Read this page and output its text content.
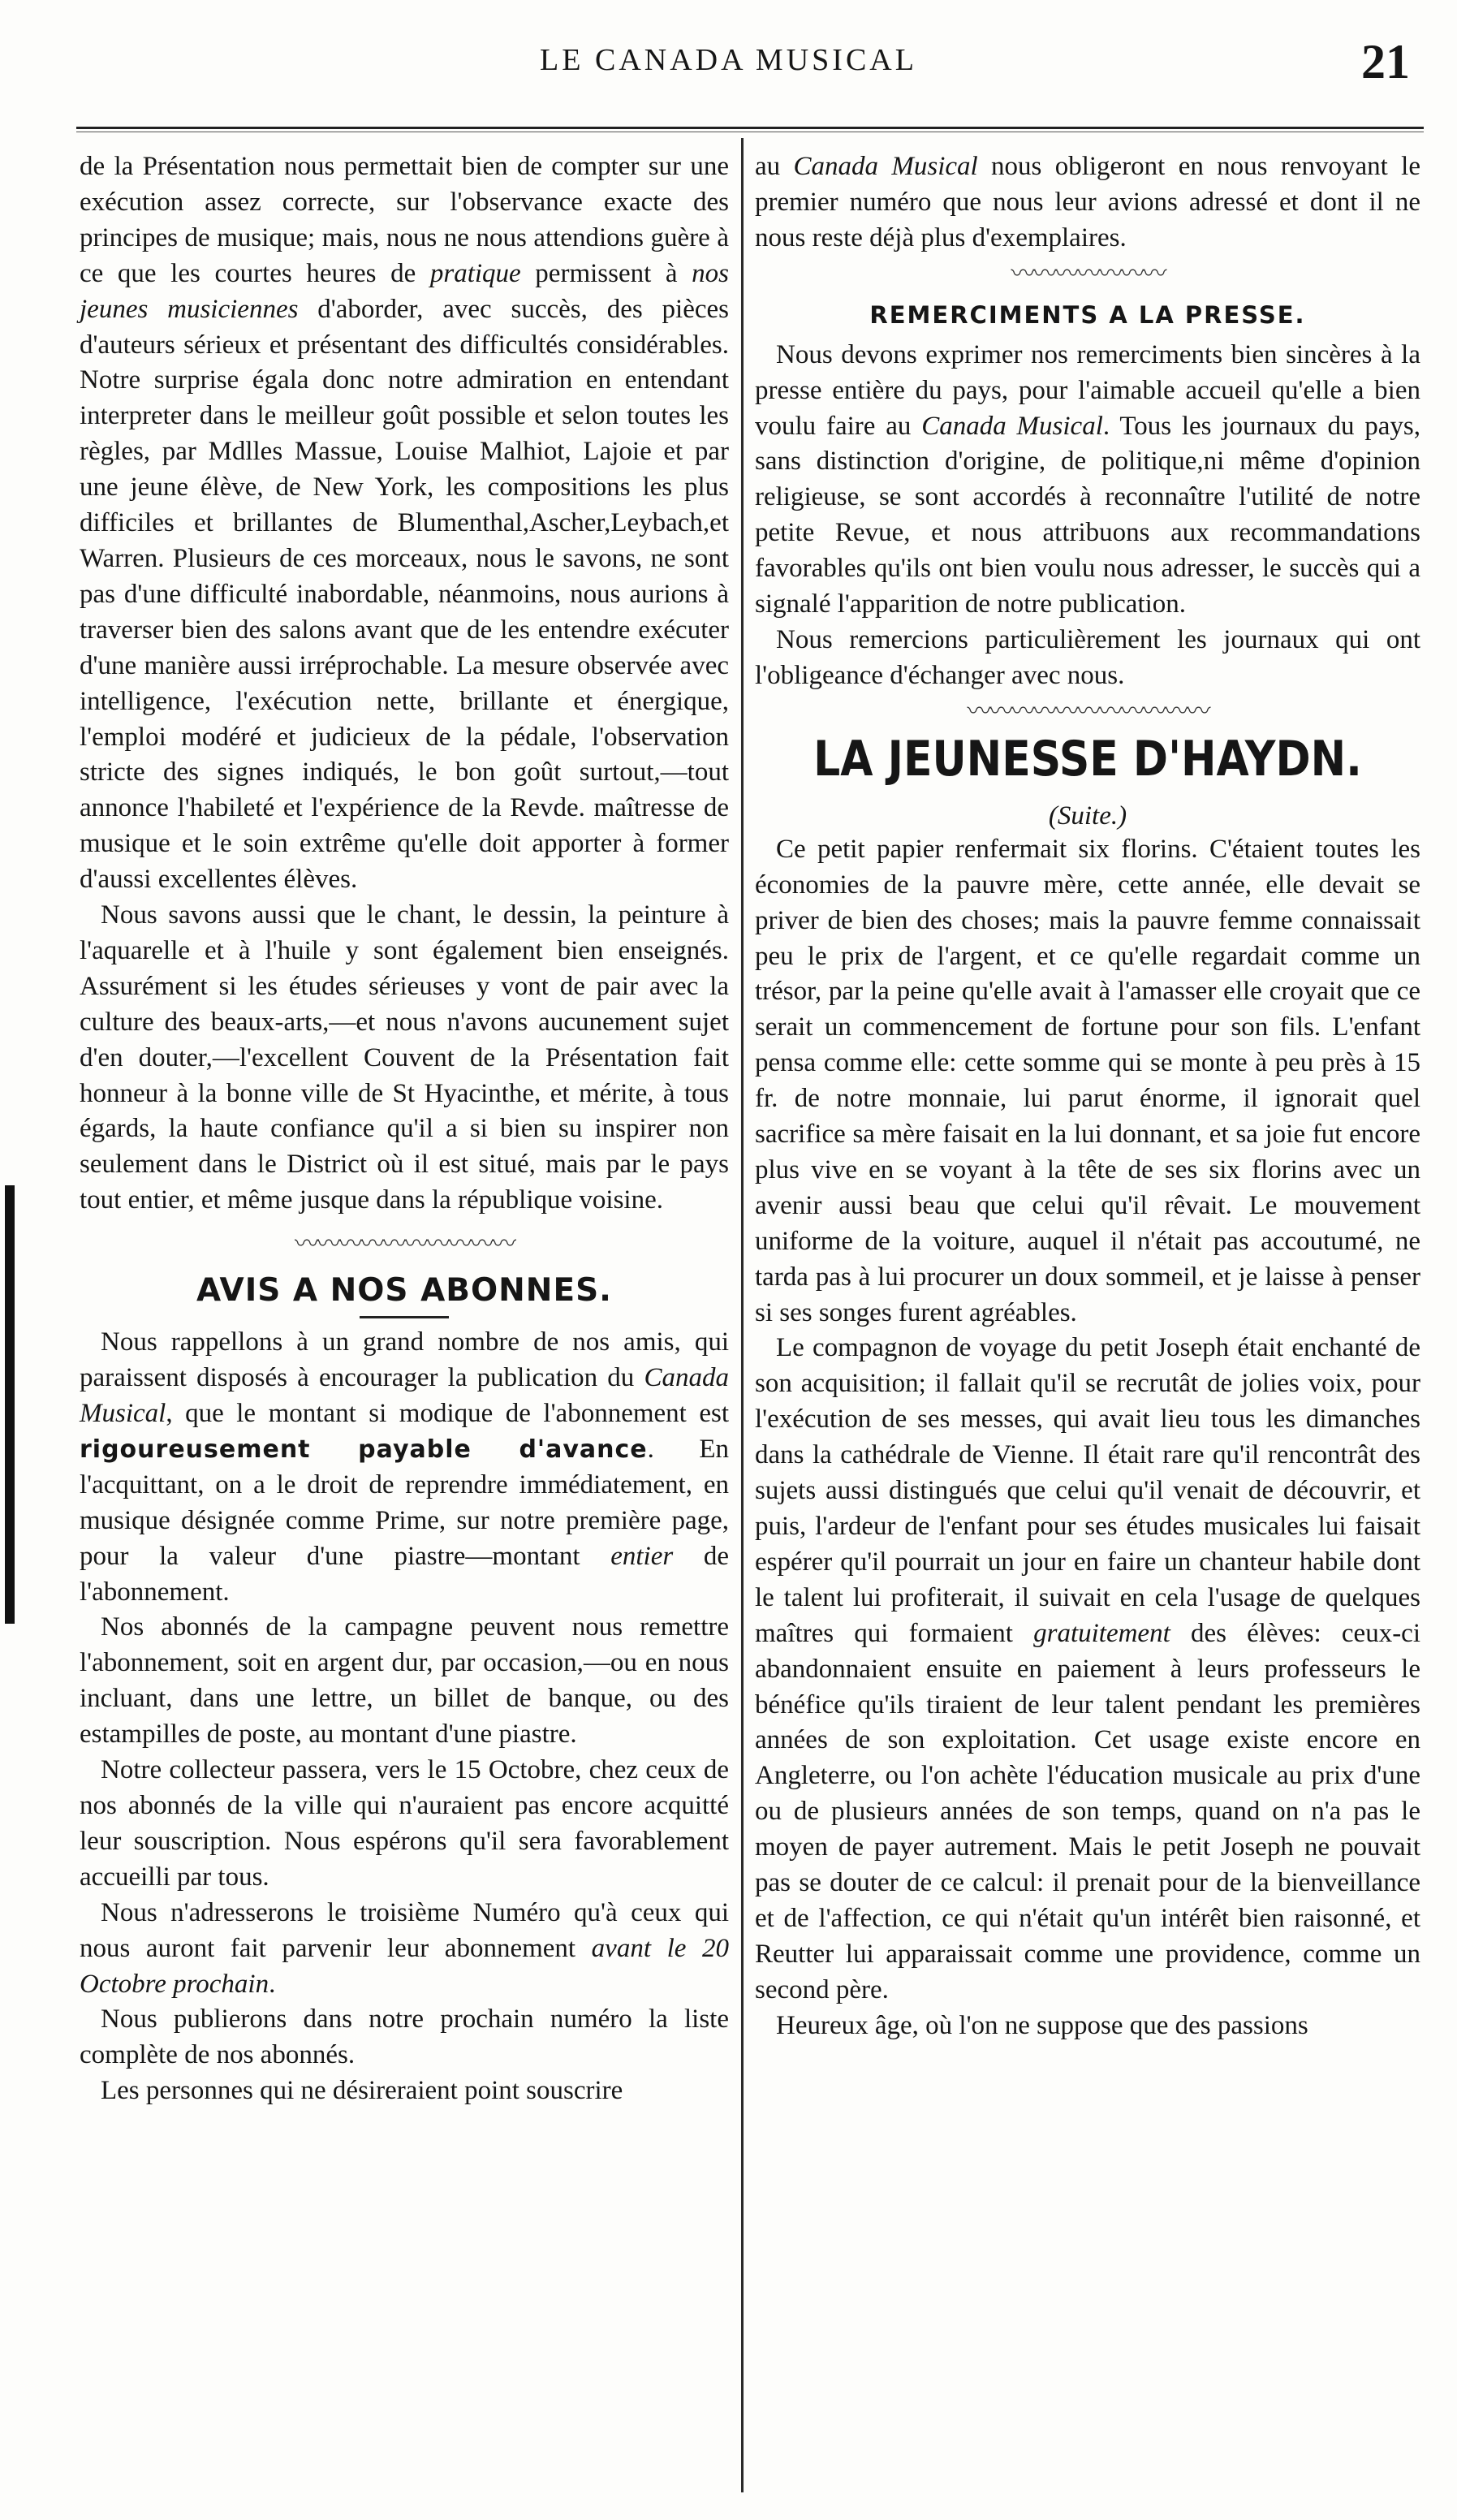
LE CANADA MUSICAL	21

de la Présentation nous permettait bien de compter sur une exécution assez correcte, sur l'observance exacte des principes de musique; mais, nous ne nous attendions guère à ce que les courtes heures de pratique permissent à nos jeunes musiciennes d'aborder, avec succès, des pièces d'auteurs sérieux et présentant des difficultés considérables. Notre surprise égala donc notre admiration en entendant interpreter dans le meilleur goût possible et selon toutes les règles, par Mdlles Massue, Louise Malhiot, Lajoie et par une jeune élève, de New York, les compositions les plus difficiles et brillantes de Blumenthal,Ascher,Leybach,et Warren. Plusieurs de ces morceaux, nous le savons, ne sont pas d'une difficulté inabordable, néanmoins, nous aurions à traverser bien des salons avant que de les entendre exécuter d'une manière aussi irréprochable. La mesure observée avec intelligence, l'exécution nette, brillante et énergique, l'emploi modéré et judicieux de la pédale, l'observation stricte des signes indiqués, le bon goût surtout,—tout annonce l'habileté et l'expérience de la Revde. maîtresse de musique et le soin extrême qu'elle doit apporter à former d'aussi excellentes élèves.

Nous savons aussi que le chant, le dessin, la peinture à l'aquarelle et à l'huile y sont également bien enseignés. Assurément si les études sérieuses y vont de pair avec la culture des beaux-arts,—et nous n'avons aucunement sujet d'en douter,—l'excellent Couvent de la Présentation fait honneur à la bonne ville de St Hyacinthe, et mérite, à tous égards, la haute confiance qu'il a si bien su inspirer non seulement dans le District où il est situé, mais par le pays tout entier, et même jusque dans la république voisine.

〰〰〰〰〰〰〰〰〰〰
AVIS A NOS ABONNES.

Nous rappellons à un grand nombre de nos amis, qui paraissent disposés à encourager la publication du Canada Musical, que le montant si modique de l'abonnement est rigoureusement payable d'avance. En l'acquittant, on a le droit de reprendre immédiatement, en musique désignée comme Prime, sur notre première page, pour la valeur d'une piastre—montant entier de l'abonnement.

Nos abonnés de la campagne peuvent nous remettre l'abonnement, soit en argent dur, par occasion,—ou en nous incluant, dans une lettre, un billet de banque, ou des estampilles de poste, au montant d'une piastre.

Notre collecteur passera, vers le 15 Octobre, chez ceux de nos abonnés de la ville qui n'auraient pas encore acquitté leur souscription. Nous espérons qu'il sera favorablement accueilli par tous.

Nous n'adresserons le troisième Numéro qu'à ceux qui nous auront fait parvenir leur abonnement avant le 20 Octobre prochain.

Nous publierons dans notre prochain numéro la liste complète de nos abonnés.

Les personnes qui ne désireraient point souscrire

au Canada Musical nous obligeront en nous renvoyant le premier numéro que nous leur avions adressé et dont il ne nous reste déjà plus d'exemplaires.

〰〰〰〰〰〰〰
REMERCIMENTS A LA PRESSE.

Nous devons exprimer nos remerciments bien sincères à la presse entière du pays, pour l'aimable accueil qu'elle a bien voulu faire au Canada Musical. Tous les journaux du pays, sans distinction d'origine, de politique,ni même d'opinion religieuse, se sont accordés à reconnaître l'utilité de notre petite Revue, et nous attribuons aux recommandations favorables qu'ils ont bien voulu nous adresser, le succès qui a signalé l'apparition de notre publication.

Nous remercions particulièrement les journaux qui ont l'obligeance d'échanger avec nous.

〰〰〰〰〰〰〰〰〰〰〰
LA JEUNESSE D'HAYDN.
(Suite.)

Ce petit papier renfermait six florins. C'étaient toutes les économies de la pauvre mère, cette année, elle devait se priver de bien des choses; mais la pauvre femme connaissait peu le prix de l'argent, et ce qu'elle regardait comme un trésor, par la peine qu'elle avait à l'amasser elle croyait que ce serait un commencement de fortune pour son fils. L'enfant pensa comme elle: cette somme qui se monte à peu près à 15 fr. de notre monnaie, lui parut énorme, il ignorait quel sacrifice sa mère faisait en la lui donnant, et sa joie fut encore plus vive en se voyant à la tête de ses six florins avec un avenir aussi beau que celui qu'il rêvait. Le mouvement uniforme de la voiture, auquel il n'était pas accoutumé, ne tarda pas à lui procurer un doux sommeil, et je laisse à penser si ses songes furent agréables.

Le compagnon de voyage du petit Joseph était enchanté de son acquisition; il fallait qu'il se recrutât de jolies voix, pour l'exécution de ses messes, qui avait lieu tous les dimanches dans la cathédrale de Vienne. Il était rare qu'il rencontrât des sujets aussi distingués que celui qu'il venait de découvrir, et puis, l'ardeur de l'enfant pour ses études musicales lui faisait espérer qu'il pourrait un jour en faire un chanteur habile dont le talent lui profiterait, il suivait en cela l'usage de quelques maîtres qui formaient gratuitement des élèves: ceux-ci abandonnaient ensuite en paiement à leurs professeurs le bénéfice qu'ils tiraient de leur talent pendant les premières années de son exploitation. Cet usage existe encore en Angleterre, ou l'on achète l'éducation musicale au prix d'une ou de plusieurs années de son temps, quand on n'a pas le moyen de payer autrement. Mais le petit Joseph ne pouvait pas se douter de ce calcul: il prenait pour de la bienveillance et de l'affection, ce qui n'était qu'un intérêt bien raisonné, et Reutter lui apparaissait comme une providence, comme un second père.

Heureux âge, où l'on ne suppose que des passions
